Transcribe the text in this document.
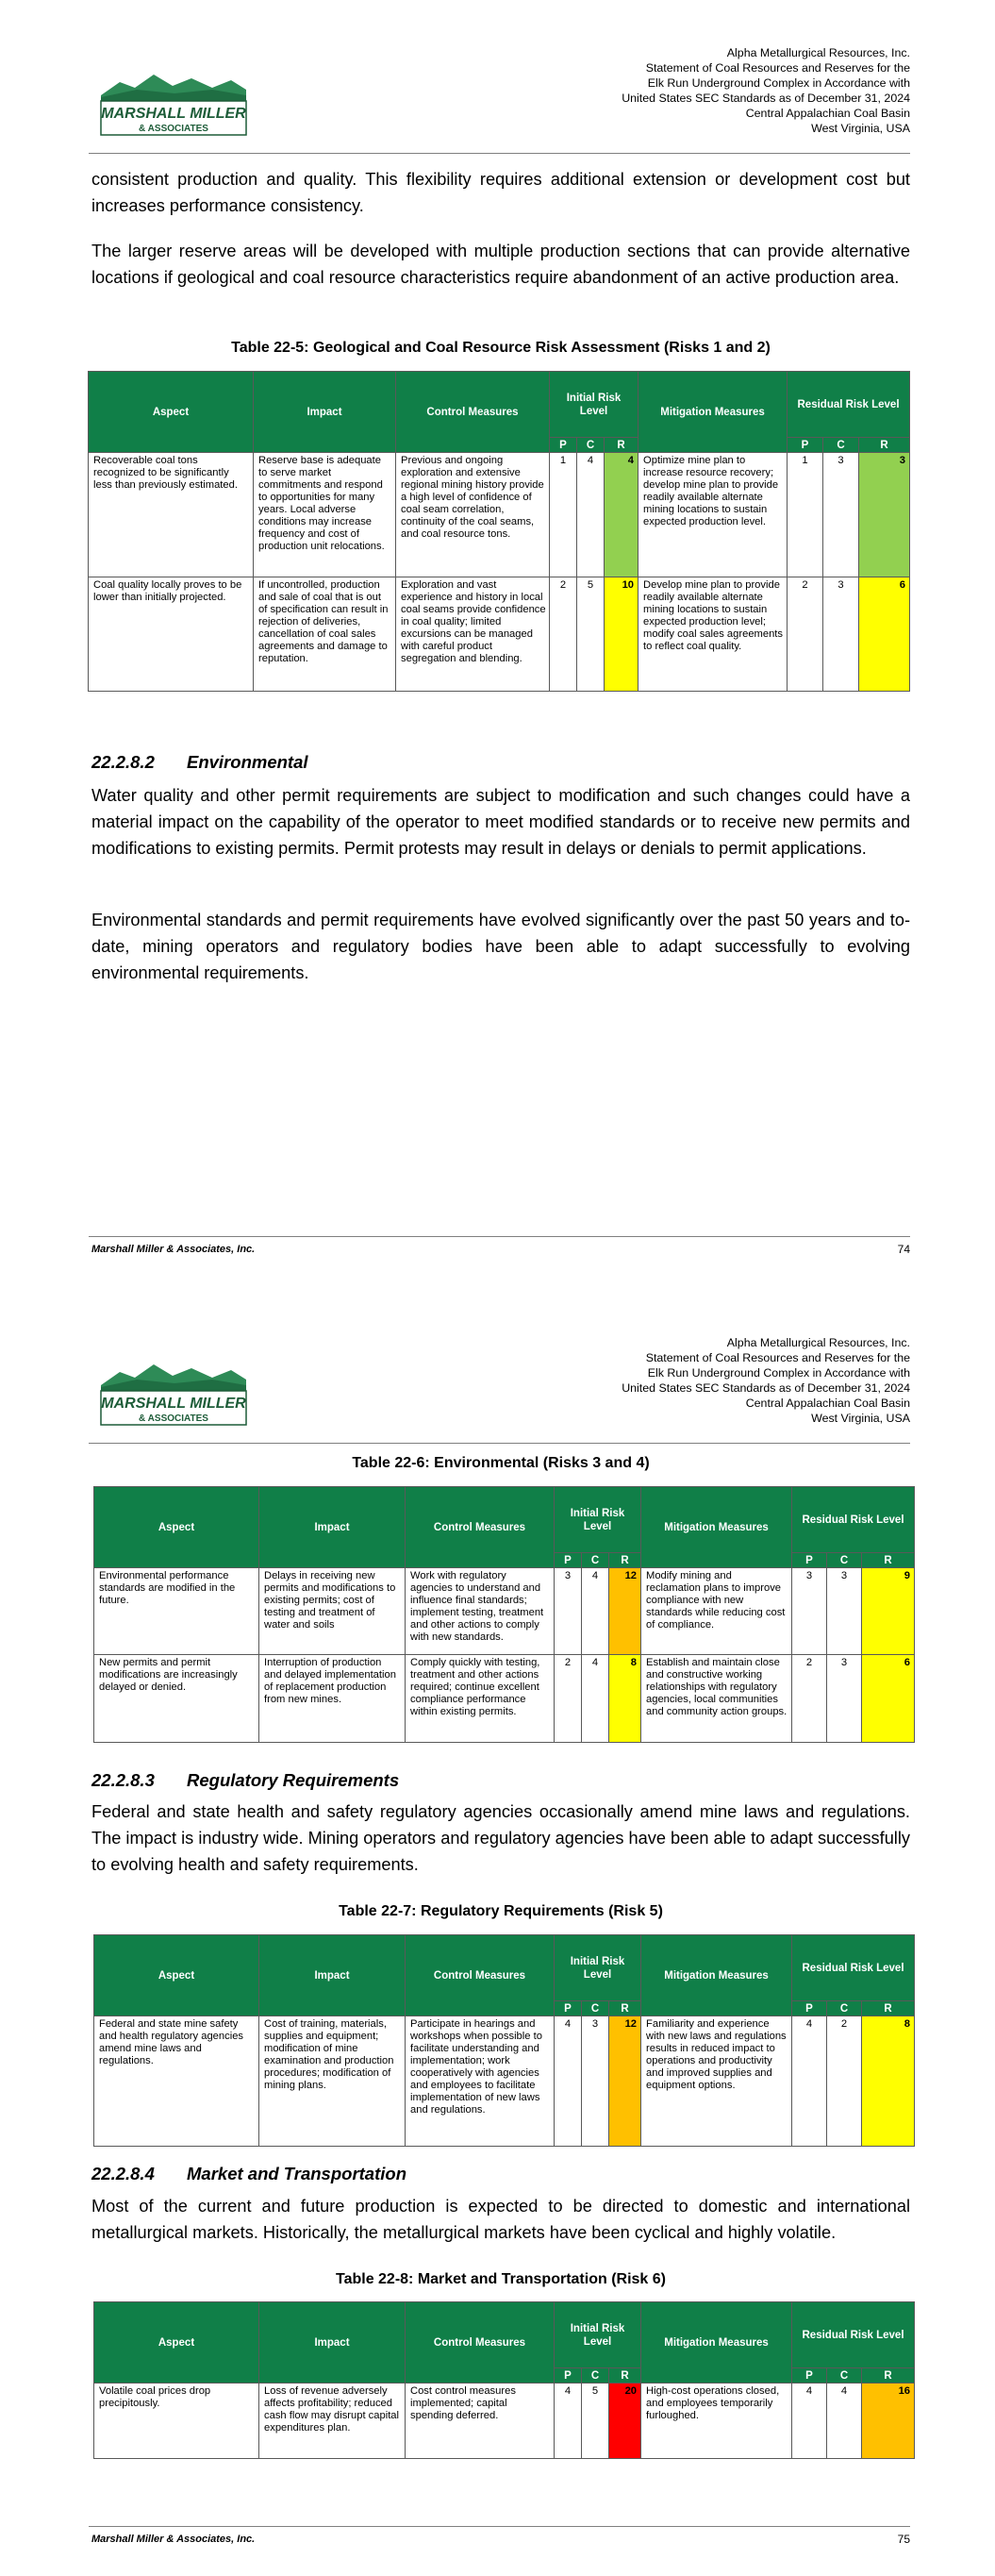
MARSHALL MILLER
& ASSOCIATES
Alpha Metallurgical Resources, Inc.
Statement of Coal Resources and Reserves for the
Elk Run Underground Complex in Accordance with
United States SEC Standards as of December 31, 2024
Central Appalachian Coal Basin
West Virginia, USA

consistent production and quality. This flexibility requires additional extension or development cost but increases performance consistency.

The larger reserve areas will be developed with multiple production sections that can provide alternative locations if geological and coal resource characteristics require abandonment of an active production area.

Table 22-5: Geological and Coal Resource Risk Assessment (Risks 1 and 2)
Aspect	Impact	Control Measures	Initial Risk Level			Mitigation Measures	Residual Risk Level		
			P	C	R		P	C	R
Recoverable coal tons recognized to be significantly less than previously estimated.	Reserve base is adequate to serve market commitments and respond to opportunities for many years. Local adverse conditions may increase frequency and cost of production unit relocations.	Previous and ongoing exploration and extensive regional mining history provide a high level of confidence of coal seam correlation, continuity of the coal seams, and coal resource tons.	1	4	4	Optimize mine plan to increase resource recovery; develop mine plan to provide readily available alternate mining locations to sustain expected production level.	1	3	3
Coal quality locally proves to be lower than initially projected.	If uncontrolled, production and sale of coal that is out of specification can result in rejection of deliveries, cancellation of coal sales agreements and damage to reputation.	Exploration and vast experience and history in local coal seams provide confidence in coal quality; limited excursions can be managed with careful product segregation and blending.	2	5	10	Develop mine plan to provide readily available alternate mining locations to sustain expected production level; modify coal sales agreements to reflect coal quality.	2	3	6
22.2.8.2 Environmental

Water quality and other permit requirements are subject to modification and such changes could have a material impact on the capability of the operator to meet modified standards or to receive new permits and modifications to existing permits. Permit protests may result in delays or denials to permit applications.

Environmental standards and permit requirements have evolved significantly over the past 50 years and to-date, mining operators and regulatory bodies have been able to adapt successfully to evolving environmental requirements.

Marshall Miller & Associates, Inc.	74
MARSHALL MILLER
& ASSOCIATES
Alpha Metallurgical Resources, Inc.
Statement of Coal Resources and Reserves for the
Elk Run Underground Complex in Accordance with
United States SEC Standards as of December 31, 2024
Central Appalachian Coal Basin
West Virginia, USA
Table 22-6: Environmental (Risks 3 and 4)
Aspect	Impact	Control Measures	Initial Risk Level			Mitigation Measures	Residual Risk Level		
			P	C	R		P	C	R
Environmental performance standards are modified in the future.	Delays in receiving new permits and modifications to existing permits; cost of testing and treatment of water and soils	Work with regulatory agencies to understand and influence final standards; implement testing, treatment and other actions to comply with new standards.	3	4	12	Modify mining and reclamation plans to improve compliance with new standards while reducing cost of compliance.	3	3	9
New permits and permit modifications are increasingly delayed or denied.	Interruption of production and delayed implementation of replacement production from new mines.	Comply quickly with testing, treatment and other actions required; continue excellent compliance performance within existing permits.	2	4	8	Establish and maintain close and constructive working relationships with regulatory agencies, local communities and community action groups.	2	3	6
22.2.8.3 Regulatory Requirements

Federal and state health and safety regulatory agencies occasionally amend mine laws and regulations. The impact is industry wide. Mining operators and regulatory agencies have been able to adapt successfully to evolving health and safety requirements.

Table 22-7: Regulatory Requirements (Risk 5)
Aspect	Impact	Control Measures	Initial Risk Level			Mitigation Measures	Residual Risk Level		
			P	C	R		P	C	R
Federal and state mine safety and health regulatory agencies amend mine laws and regulations.	Cost of training, materials, supplies and equipment; modification of mine examination and production procedures; modification of mining plans.	Participate in hearings and workshops when possible to facilitate understanding and implementation; work cooperatively with agencies and employees to facilitate implementation of new laws and regulations.	4	3	12	Familiarity and experience with new laws and regulations results in reduced impact to operations and productivity and improved supplies and equipment options.	4	2	8
22.2.8.4 Market and Transportation

Most of the current and future production is expected to be directed to domestic and international metallurgical markets. Historically, the metallurgical markets have been cyclical and highly volatile.

Table 22-8: Market and Transportation (Risk 6)
Aspect	Impact	Control Measures	Initial Risk Level			Mitigation Measures	Residual Risk Level		
			P	C	R		P	C	R
Volatile coal prices drop precipitously.	Loss of revenue adversely affects profitability; reduced cash flow may disrupt capital expenditures plan.	Cost control measures implemented; capital spending deferred.	4	5	20	High-cost operations closed, and employees temporarily furloughed.	4	4	16
Marshall Miller & Associates, Inc.	75
